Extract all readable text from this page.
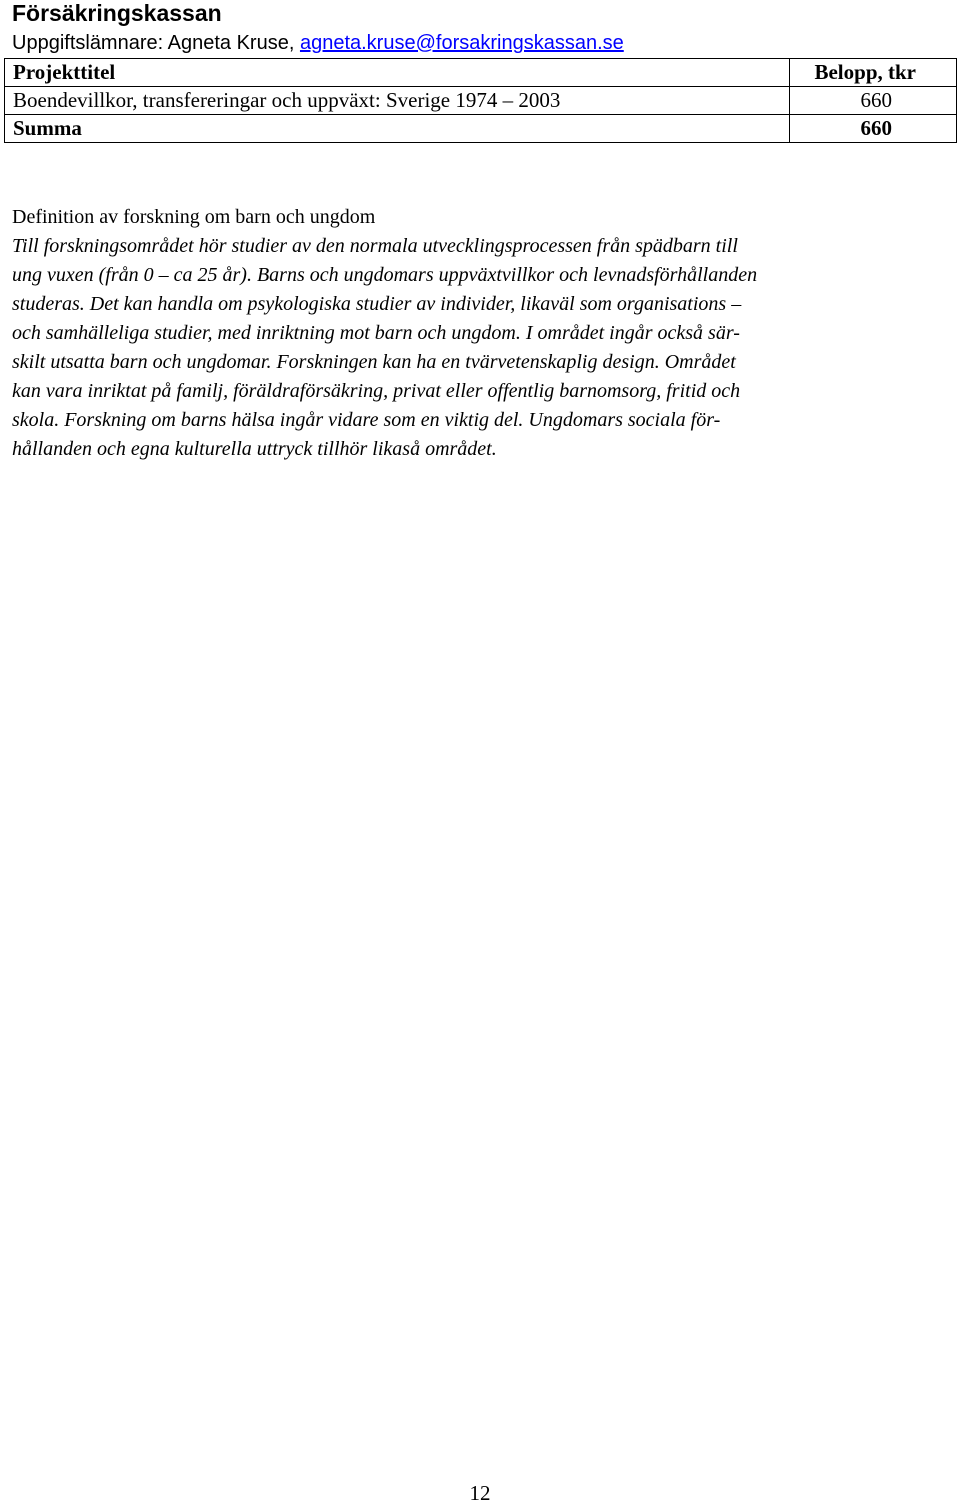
Försäkringskassan
Uppgiftslämnare: Agneta Kruse, agneta.kruse@forsakringskassan.se
Projekttitel	Belopp, tkr
Boendevillkor, transfereringar och uppväxt: Sverige 1974 – 2003	660
Summa	660
Definition av forskning om barn och ungdom

Till forskningsområdet hör studier av den normala utvecklingsprocessen från spädbarn till
ung vuxen (från 0 – ca 25 år). Barns och ungdomars uppväxtvillkor och levnadsförhållanden
studeras. Det kan handla om psykologiska studier av individer, likaväl som organisations –
och samhälleliga studier, med inriktning mot barn och ungdom. I området ingår också sär-
skilt utsatta barn och ungdomar. Forskningen kan ha en tvärvetenskaplig design. Området
kan vara inriktat på familj, föräldraförsäkring, privat eller offentlig barnomsorg, fritid och
skola. Forskning om barns hälsa ingår vidare som en viktig del. Ungdomars sociala för-
hållanden och egna kulturella uttryck tillhör likaså området.

12
